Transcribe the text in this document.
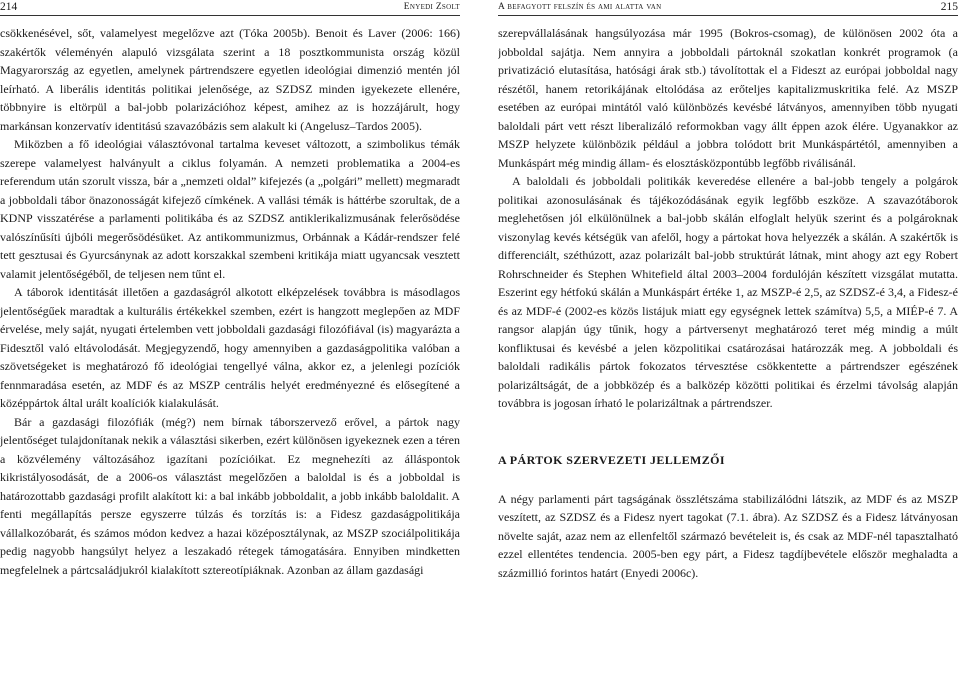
214	Enyedi Zsolt

csökkenésével, sőt, valamelyest megelőzve azt (Tóka 2005b). Benoit és Laver (2006: 166) szakértők véleményén alapuló vizsgálata szerint a 18 posztkommunista ország közül Magyarország az egyetlen, amelynek pártrendszere egyetlen ideológiai dimenzió mentén jól leírható. A liberális identitás politikai jelenősége, az SZDSZ minden igyekezete ellenére, többnyire is eltörpül a bal-jobb polarizációhoz képest, amihez az is hozzájárult, hogy markánsan konzervatív identitású szavazóbázis sem alakult ki (Angelusz–Tardos 2005).

Miközben a fő ideológiai választóvonal tartalma keveset változott, a szimbolikus témák szerepe valamelyest halványult a ciklus folyamán. A nemzeti problematika a 2004-es referendum után szorult vissza, bár a „nemzeti oldal” kifejezés (a „polgári” mellett) megmaradt a jobboldali tábor önazonosságát kifejező címkének. A vallási témák is háttérbe szorultak, de a KDNP visszatérése a parlamenti politikába és az SZDSZ antiklerikalizmusának felerősödése valószínűsíti újbóli megerősödésüket. Az antikommunizmus, Orbánnak a Kádár-rendszer felé tett gesztusai és Gyurcsánynak az adott korszakkal szembeni kritikája miatt ugyancsak vesztett valamit jelentőségéből, de teljesen nem tűnt el.

A táborok identitását illetően a gazdaságról alkotott elképzelések továbbra is másodlagos jelentőségűek maradtak a kulturális értékekkel szemben, ezért is hangzott meglepően az MDF érvelése, mely saját, nyugati értelemben vett jobboldali gazdasági filozófiával (is) magyarázta a Fidesztől való eltávolodását. Megjegyzendő, hogy amennyiben a gazdaságpolitika valóban a szövetségeket is meghatározó fő ideológiai tengellyé válna, akkor ez, a jelenlegi pozíciók fennmaradása esetén, az MDF és az MSZP centrális helyét eredményezné és elősegítené a középpártok által urált koalíciók kialakulását.

Bár a gazdasági filozófiák (még?) nem bírnak táborszervező erővel, a pártok nagy jelentőséget tulajdonítanak nekik a választási sikerben, ezért különösen igyekeznek ezen a téren a közvélemény változásához igazítani pozícióikat. Ez megnehezíti az álláspontok kikristályosodását, de a 2006-os választást megelőzően a baloldal is és a jobboldal is határozottabb gazdasági profilt alakított ki: a bal inkább jobboldalit, a jobb inkább baloldalit. A fenti megállapítás persze egyszerre túlzás és torzítás is: a Fidesz gazdaságpolitikája vállalkozóbarát, és számos módon kedvez a hazai középosztálynak, az MSZP szociálpolitikája pedig nagyobb hangsúlyt helyez a leszakadó rétegek támogatására. Ennyiben mindketten megfelelnek a pártcsaládjukról kialakított sztereotípiáknak. Azonban az állam gazdasági

A befagyott felszín és ami alatta van	215

szerepvállalásának hangsúlyozása már 1995 (Bokros-csomag), de különösen 2002 óta a jobboldal sajátja. Nem annyira a jobboldali pártoknál szokatlan konkrét programok (a privatizáció elutasítása, hatósági árak stb.) távolítottak el a Fideszt az európai jobboldal nagy részétől, hanem retorikájának eltolódása az erőteljes kapitalizmuskritika felé. Az MSZP esetében az európai mintától való különbözés kevésbé látványos, amennyiben több nyugati baloldali párt vett részt liberalizáló reformokban vagy állt éppen azok élére. Ugyanakkor az MSZP helyzete különbözik például a jobbra tolódott brit Munkáspártétól, amennyiben a Munkáspárt még mindig állam- és elosztásközpontúbb legfőbb riválisánál.

A baloldali és jobboldali politikák keveredése ellenére a bal-jobb tengely a polgárok politikai azonosulásának és tájékozódásának egyik legfőbb eszköze. A szavazótáborok meglehetősen jól elkülönülnek a bal-jobb skálán elfoglalt helyük szerint és a polgároknak viszonylag kevés kétségük van afelől, hogy a pártokat hova helyezzék a skálán. A szakértők is differenciált, széthúzott, azaz polarizált bal-jobb struktúrát látnak, mint ahogy azt egy Robert Rohrschneider és Stephen Whitefield által 2003–2004 fordulóján készített vizsgálat mutatta. Eszerint egy hétfokú skálán a Munkáspárt értéke 1, az MSZP-é 2,5, az SZDSZ-é 3,4, a Fidesz-é és az MDF-é (2002-es közös listájuk miatt egy egységnek lettek számítva) 5,5, a MIÉP-é 7. A rangsor alapján úgy tűnik, hogy a pártversenyt meghatározó teret még mindig a múlt konfliktusai és kevésbé a jelen közpolitikai csatározásai határozzák meg. A jobboldali és baloldali radikális pártok fokozatos térvesztése csökkentette a pártrendszer egészének polarizáltságát, de a jobbközép és a balközép közötti politikai és érzelmi távolság alapján továbbra is jogosan írható le polarizáltnak a pártrendszer.

A PÁRTOK SZERVEZETI JELLEMZŐI

A négy parlamenti párt tagságának összlétszáma stabilizálódni látszik, az MDF és az MSZP veszített, az SZDSZ és a Fidesz nyert tagokat (7.1. ábra). Az SZDSZ és a Fidesz látványosan növelte saját, azaz nem az ellenfeltől származó bevételeit is, és csak az MDF-nél tapasztalható ezzel ellentétes tendencia. 2005-ben egy párt, a Fidesz tagdíjbevétele először meghaladta a százmillió forintos határt (Enyedi 2006c).
